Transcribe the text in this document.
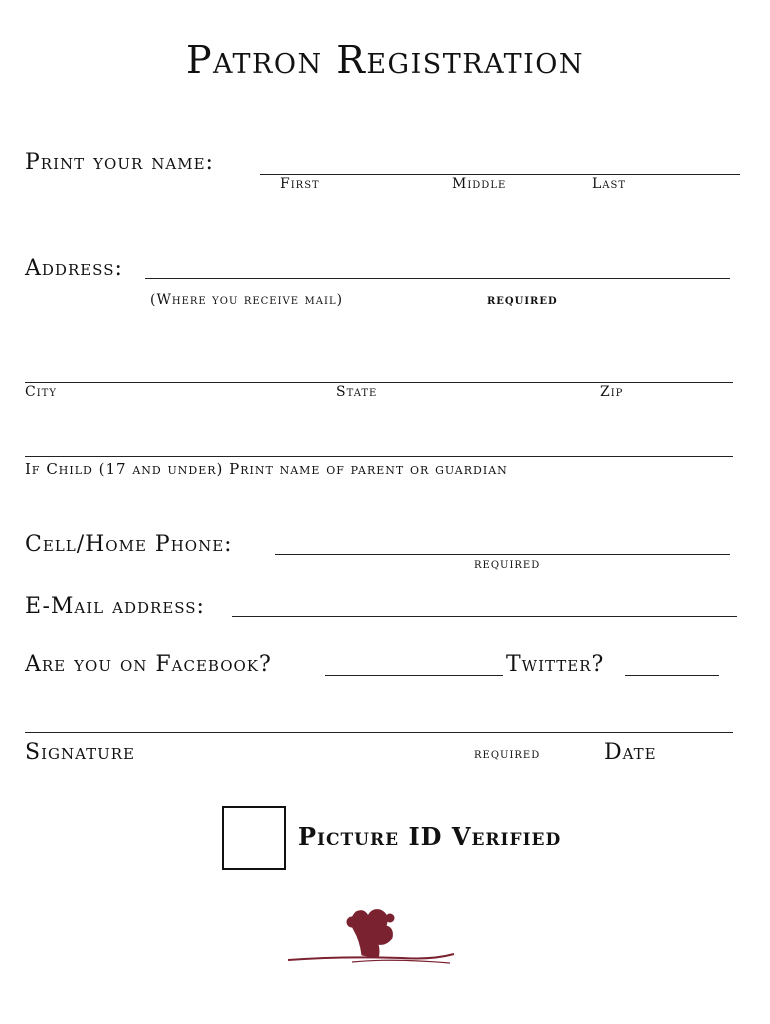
Patron Registration
Print your name:
First	Middle	Last
Address:
(Where you receive mail)	required
City	State	Zip
If Child (17 and under) Print name of parent or guardian
Cell/Home Phone:
required
E-Mail address:
Are you on Facebook?	Twitter?
Signature	required	Date
Picture ID Verified
